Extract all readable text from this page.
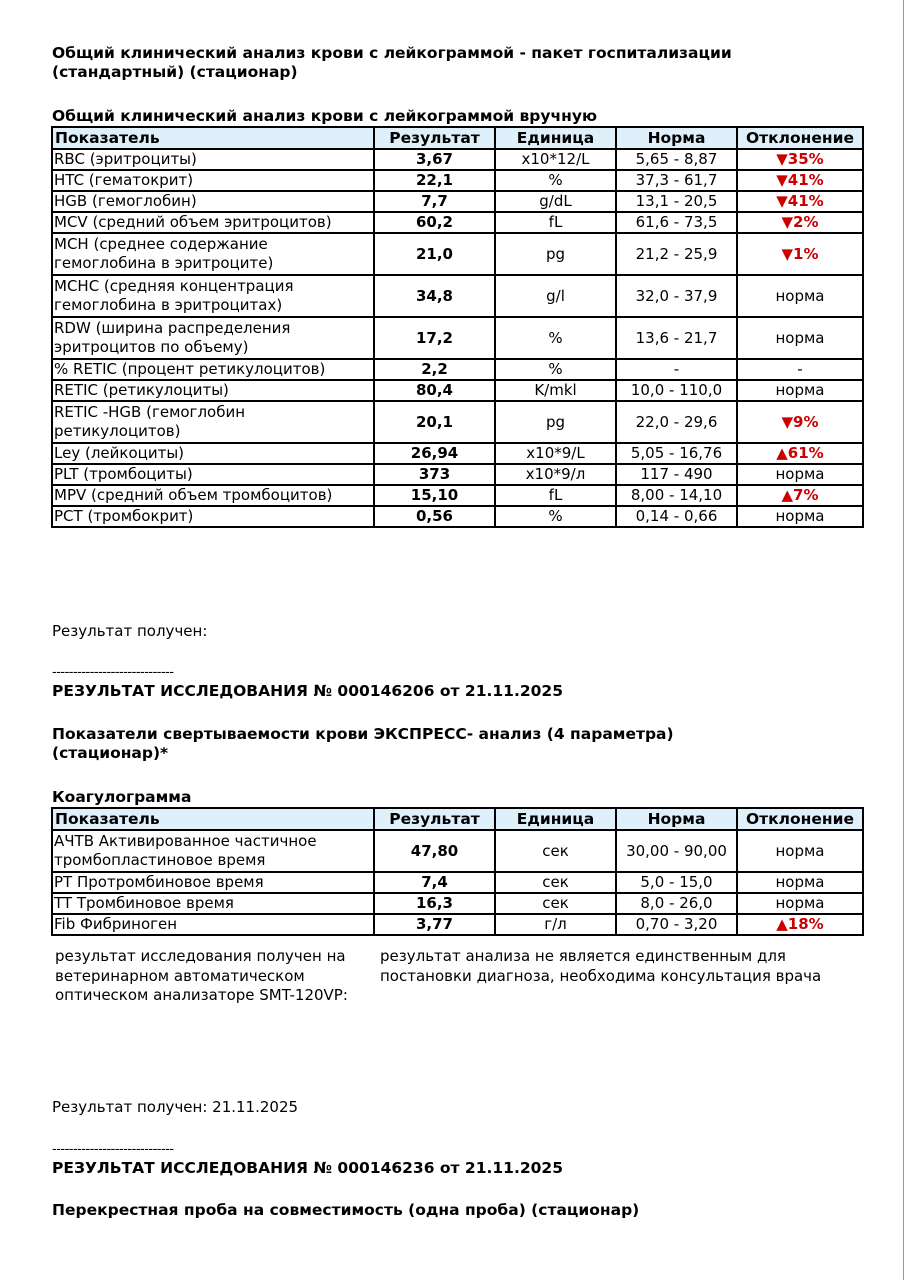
Общий клинический анализ крови с лейкограммой - пакет госпитализации
(стандартный) (стационар)
Общий клинический анализ крови с лейкограммой вручную
Показатель	Результат	Единица	Норма	Отклонение
RBC (эритроциты)	3,67	x10*12/L	5,65 - 8,87	▼35%
HTC (гематокрит)	22,1	%	37,3 - 61,7	▼41%
HGB (гемоглобин)	7,7	g/dL	13,1 - 20,5	▼41%
MCV (средний объем эритроцитов)	60,2	fL	61,6 - 73,5	▼2%
MCH (среднее содержание гемоглобина в эритроците)	21,0	pg	21,2 - 25,9	▼1%
MCHC (средняя концентрация гемоглобина в эритроцитах)	34,8	g/l	32,0 - 37,9	норма
RDW (ширина распределения эритроцитов по объему)	17,2	%	13,6 - 21,7	норма
% RETIC (процент ретикулоцитов)	2,2	%	-	-
RETIC (ретикулоциты)	80,4	K/mkl	10,0 - 110,0	норма
RETIC -HGB (гемоглобин ретикулоцитов)	20,1	pg	22,0 - 29,6	▼9%
Ley (лейкоциты)	26,94	x10*9/L	5,05 - 16,76	▲61%
PLT (тромбоциты)	373	x10*9/л	117 - 490	норма
MPV (средний объем тромбоцитов)	15,10	fL	8,00 - 14,10	▲7%
PCT (тромбокрит)	0,56	%	0,14 - 0,66	норма
Результат получен:
-----------------------------
РЕЗУЛЬТАТ ИССЛЕДОВАНИЯ № 000146206 от 21.11.2025
Показатели свертываемости крови ЭКСПРЕСС- анализ (4 параметра)
(стационар)*
Коагулограмма
Показатель	Результат	Единица	Норма	Отклонение
АЧТВ Активированное частичное тромбопластиновое время	47,80	сек	30,00 - 90,00	норма
PT Протромбиновое время	7,4	сек	5,0 - 15,0	норма
TT Тромбиновое время	16,3	сек	8,0 - 26,0	норма
Fib Фибриноген	3,77	г/л	0,70 - 3,20	▲18%
результат исследования получен на ветеринарном автоматическом оптическом анализаторе SMT-120VP:
результат анализа не является единственным для постановки диагноза, необходима консультация врача
Результат получен: 21.11.2025
-----------------------------
РЕЗУЛЬТАТ ИССЛЕДОВАНИЯ № 000146236 от 21.11.2025
Перекрестная проба на совместимость (одна проба) (стационар)
